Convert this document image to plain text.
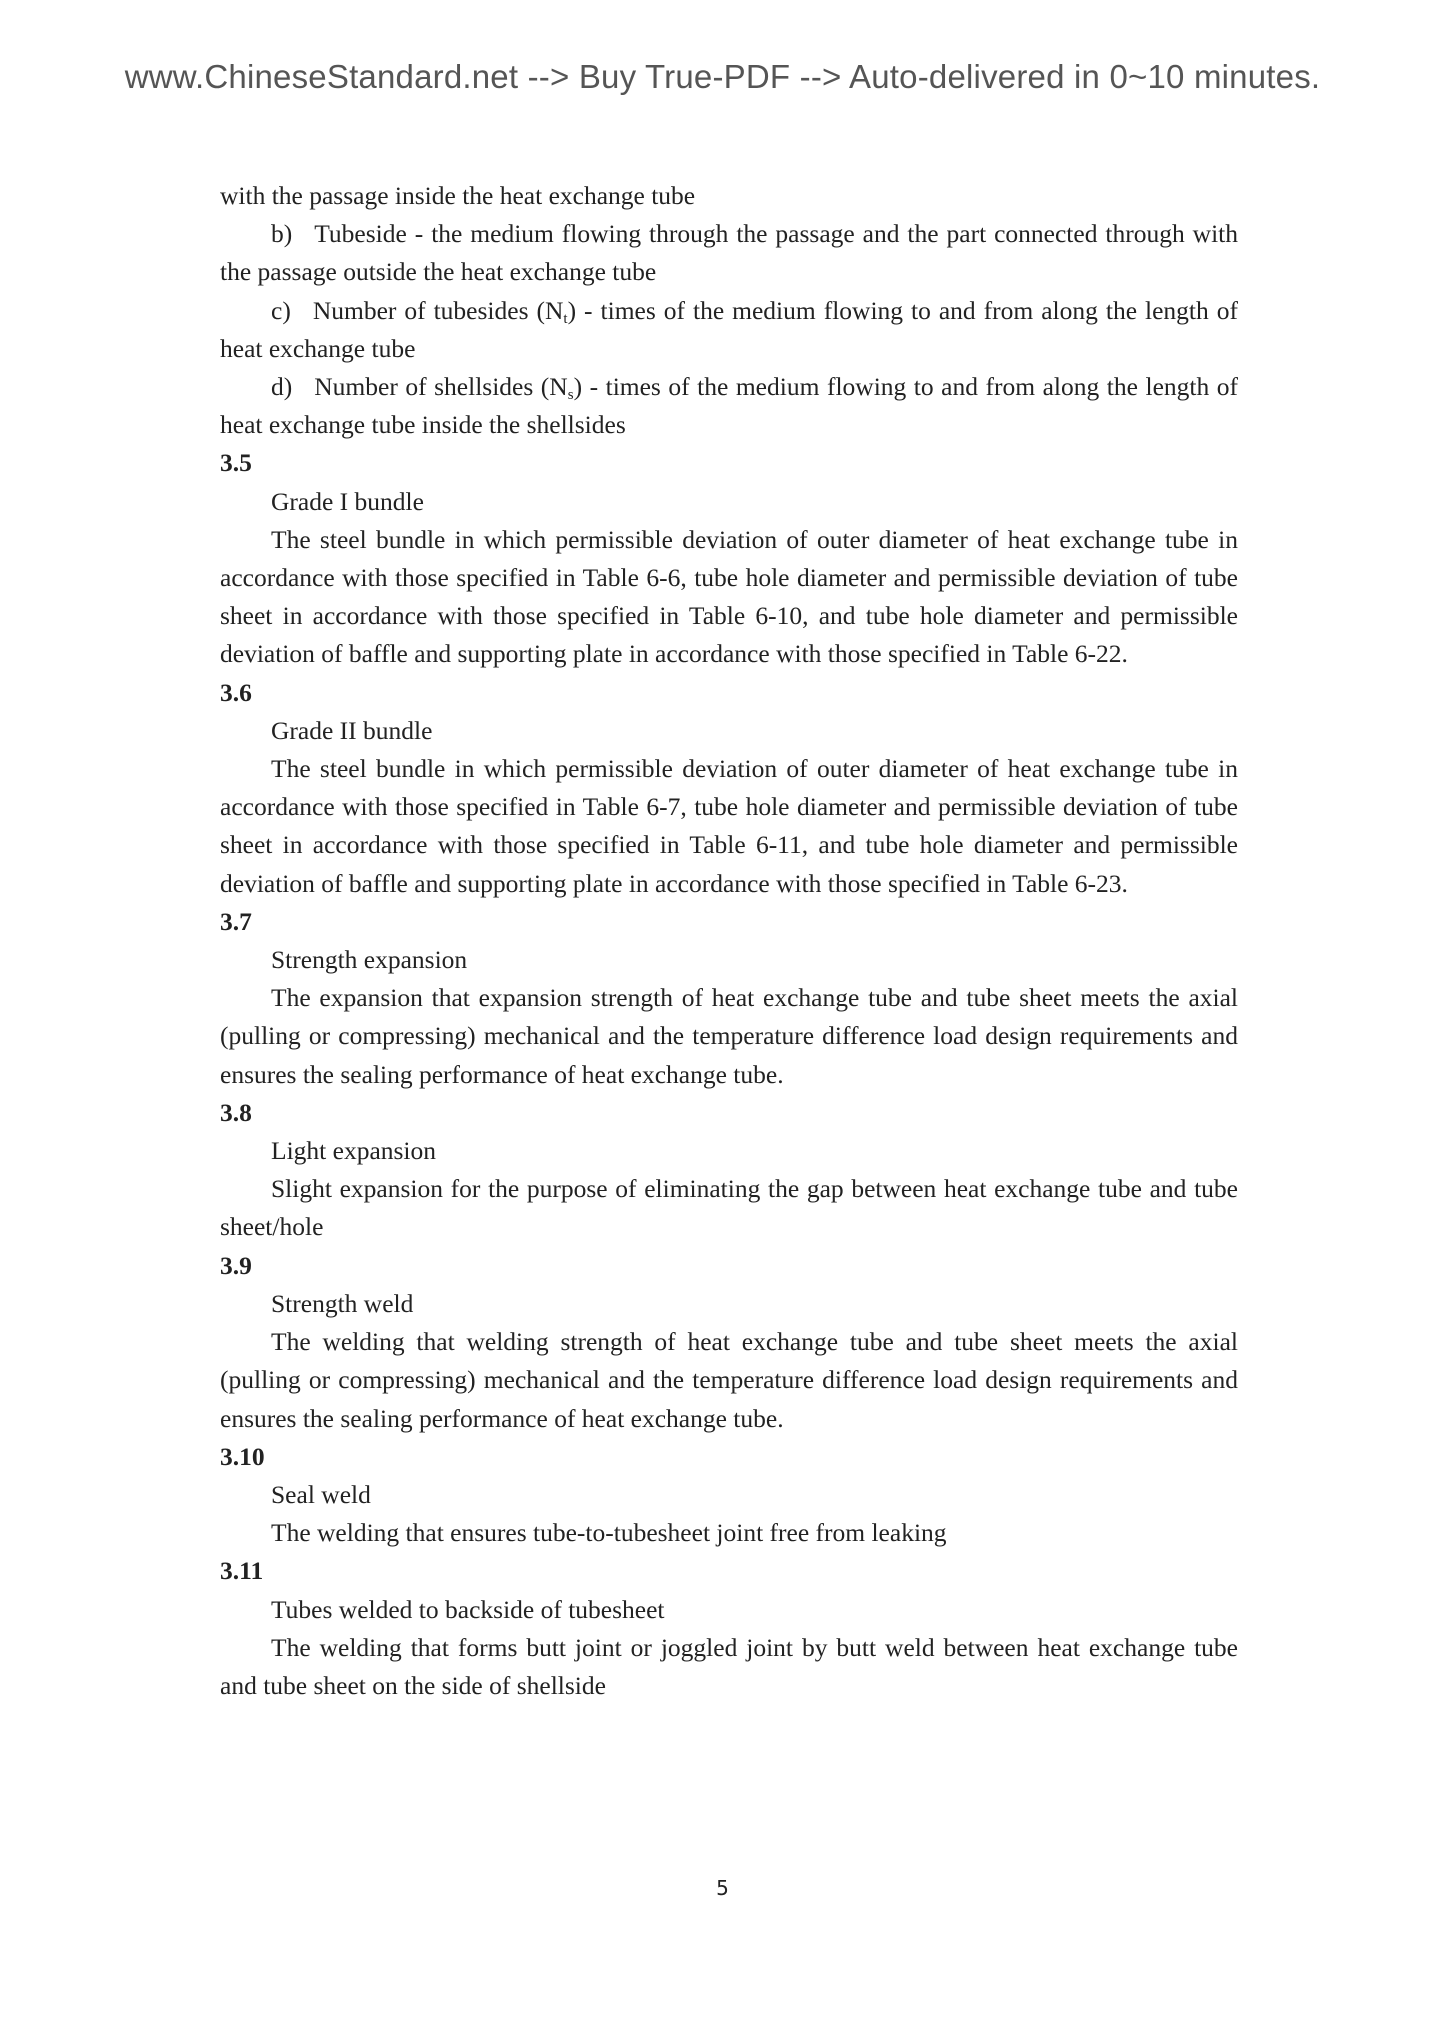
www.ChineseStandard.net --> Buy True-PDF --> Auto-delivered in 0~10 minutes.

with the passage inside the heat exchange tube

b) Tubeside - the medium flowing through the passage and the part connected through with the passage outside the heat exchange tube

c) Number of tubesides $(N_t)$ - times of the medium flowing to and from along the length of heat exchange tube

d) Number of shellsides $(N_s)$ - times of the medium flowing to and from along the length of heat exchange tube inside the shellsides

3.5

Grade I bundle

The steel bundle in which permissible deviation of outer diameter of heat exchange tube in accordance with those specified in Table 6-6, tube hole diameter and permissible deviation of tube sheet in accordance with those specified in Table 6-10, and tube hole diameter and permissible deviation of baffle and supporting plate in accordance with those specified in Table 6-22.

3.6

Grade II bundle

The steel bundle in which permissible deviation of outer diameter of heat exchange tube in accordance with those specified in Table 6-7, tube hole diameter and permissible deviation of tube sheet in accordance with those specified in Table 6-11, and tube hole diameter and permissible deviation of baffle and supporting plate in accordance with those specified in Table 6-23.

3.7

Strength expansion

The expansion that expansion strength of heat exchange tube and tube sheet meets the axial (pulling or compressing) mechanical and the temperature difference load design requirements and ensures the sealing performance of heat exchange tube.

3.8

Light expansion

Slight expansion for the purpose of eliminating the gap between heat exchange tube and tube sheet/hole

3.9

Strength weld

The welding that welding strength of heat exchange tube and tube sheet meets the axial (pulling or compressing) mechanical and the temperature difference load design requirements and ensures the sealing performance of heat exchange tube.

3.10

Seal weld

The welding that ensures tube-to-tubesheet joint free from leaking

3.11

Tubes welded to backside of tubesheet

The welding that forms butt joint or joggled joint by butt weld between heat exchange tube and tube sheet on the side of shellside

5
